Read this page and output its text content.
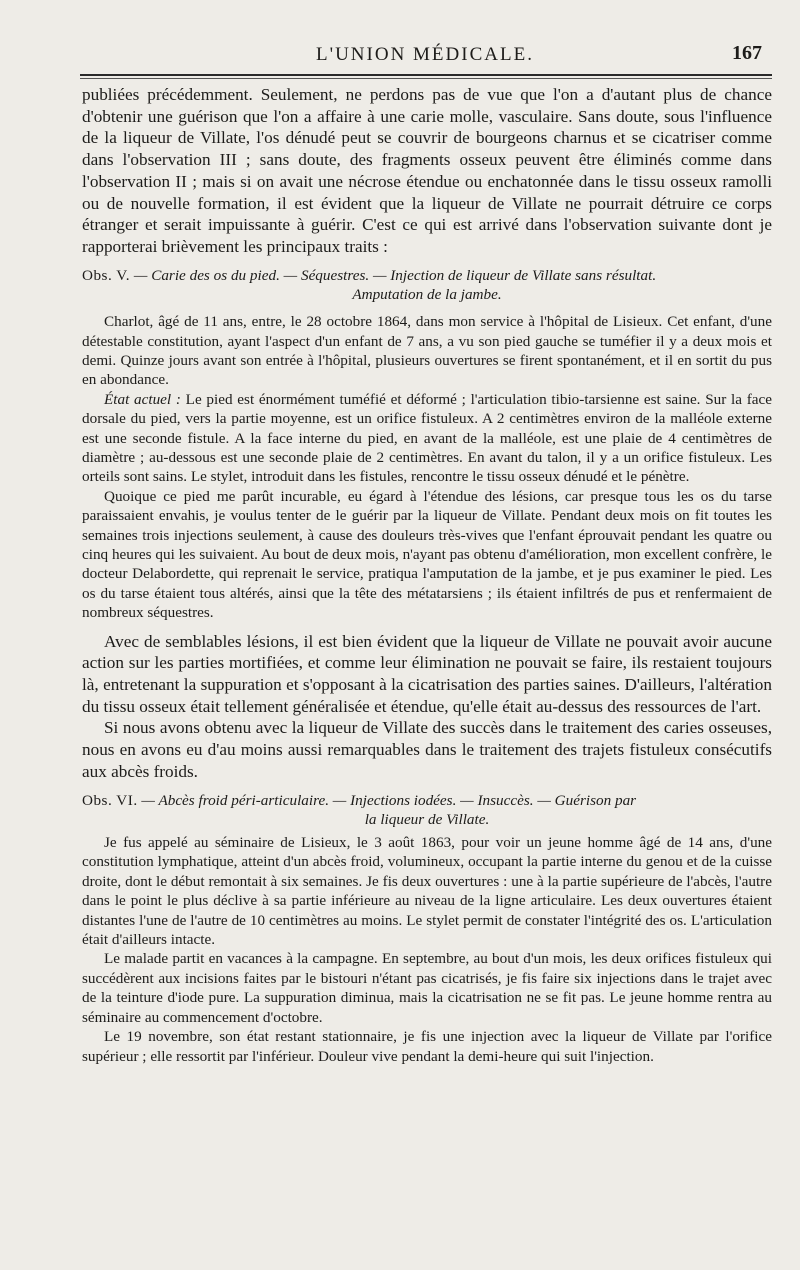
L'UNION MÉDICALE.	167

publiées précédemment. Seulement, ne perdons pas de vue que l'on a d'autant plus de chance d'obtenir une guérison que l'on a affaire à une carie molle, vasculaire. Sans doute, sous l'influence de la liqueur de Villate, l'os dénudé peut se couvrir de bourgeons charnus et se cicatriser comme dans l'observation III ; sans doute, des fragments osseux peuvent être éliminés comme dans l'observation II ; mais si on avait une nécrose étendue ou enchatonnée dans le tissu osseux ramolli ou de nouvelle formation, il est évident que la liqueur de Villate ne pourrait détruire ce corps étranger et serait impuissante à guérir. C'est ce qui est arrivé dans l'observation suivante dont je rapporterai brièvement les principaux traits :

Obs. V. — Carie des os du pied. — Séquestres. — Injection de liqueur de Villate sans résultat.

Amputation de la jambe.

Charlot, âgé de 11 ans, entre, le 28 octobre 1864, dans mon service à l'hôpital de Lisieux. Cet enfant, d'une détestable constitution, ayant l'aspect d'un enfant de 7 ans, a vu son pied gauche se tuméfier il y a deux mois et demi. Quinze jours avant son entrée à l'hôpital, plusieurs ouvertures se firent spontanément, et il en sortit du pus en abondance.

État actuel : Le pied est énormément tuméfié et déformé ; l'articulation tibio-tarsienne est saine. Sur la face dorsale du pied, vers la partie moyenne, est un orifice fistuleux. A 2 centimètres environ de la malléole externe est une seconde fistule. A la face interne du pied, en avant de la malléole, est une plaie de 4 centimètres de diamètre ; au-dessous est une seconde plaie de 2 centimètres. En avant du talon, il y a un orifice fistuleux. Les orteils sont sains. Le stylet, introduit dans les fistules, rencontre le tissu osseux dénudé et le pénètre.

Quoique ce pied me parût incurable, eu égard à l'étendue des lésions, car presque tous les os du tarse paraissaient envahis, je voulus tenter de le guérir par la liqueur de Villate. Pendant deux mois on fit toutes les semaines trois injections seulement, à cause des douleurs très-vives que l'enfant éprouvait pendant les quatre ou cinq heures qui les suivaient. Au bout de deux mois, n'ayant pas obtenu d'amélioration, mon excellent confrère, le docteur Delabordette, qui reprenait le service, pratiqua l'amputation de la jambe, et je pus examiner le pied. Les os du tarse étaient tous altérés, ainsi que la tête des métatarsiens ; ils étaient infiltrés de pus et renfermaient de nombreux séquestres.

Avec de semblables lésions, il est bien évident que la liqueur de Villate ne pouvait avoir aucune action sur les parties mortifiées, et comme leur élimination ne pouvait se faire, ils restaient toujours là, entretenant la suppuration et s'opposant à la cicatrisation des parties saines. D'ailleurs, l'altération du tissu osseux était tellement généralisée et étendue, qu'elle était au-dessus des ressources de l'art.

Si nous avons obtenu avec la liqueur de Villate des succès dans le traitement des caries osseuses, nous en avons eu d'au moins aussi remarquables dans le traitement des trajets fistuleux consécutifs aux abcès froids.

Obs. VI. — Abcès froid péri-articulaire. — Injections iodées. — Insuccès. — Guérison par

la liqueur de Villate.

Je fus appelé au séminaire de Lisieux, le 3 août 1863, pour voir un jeune homme âgé de 14 ans, d'une constitution lymphatique, atteint d'un abcès froid, volumineux, occupant la partie interne du genou et de la cuisse droite, dont le début remontait à six semaines. Je fis deux ouvertures : une à la partie supérieure de l'abcès, l'autre dans le point le plus déclive à sa partie inférieure au niveau de la ligne articulaire. Les deux ouvertures étaient distantes l'une de l'autre de 10 centimètres au moins. Le stylet permit de constater l'intégrité des os. L'articulation était d'ailleurs intacte.

Le malade partit en vacances à la campagne. En septembre, au bout d'un mois, les deux orifices fistuleux qui succédèrent aux incisions faites par le bistouri n'étant pas cicatrisés, je fis faire six injections dans le trajet avec de la teinture d'iode pure. La suppuration diminua, mais la cicatrisation ne se fit pas. Le jeune homme rentra au séminaire au commencement d'octobre.

Le 19 novembre, son état restant stationnaire, je fis une injection avec la liqueur de Villate par l'orifice supérieur ; elle ressortit par l'inférieur. Douleur vive pendant la demi-heure qui suit l'injection.
